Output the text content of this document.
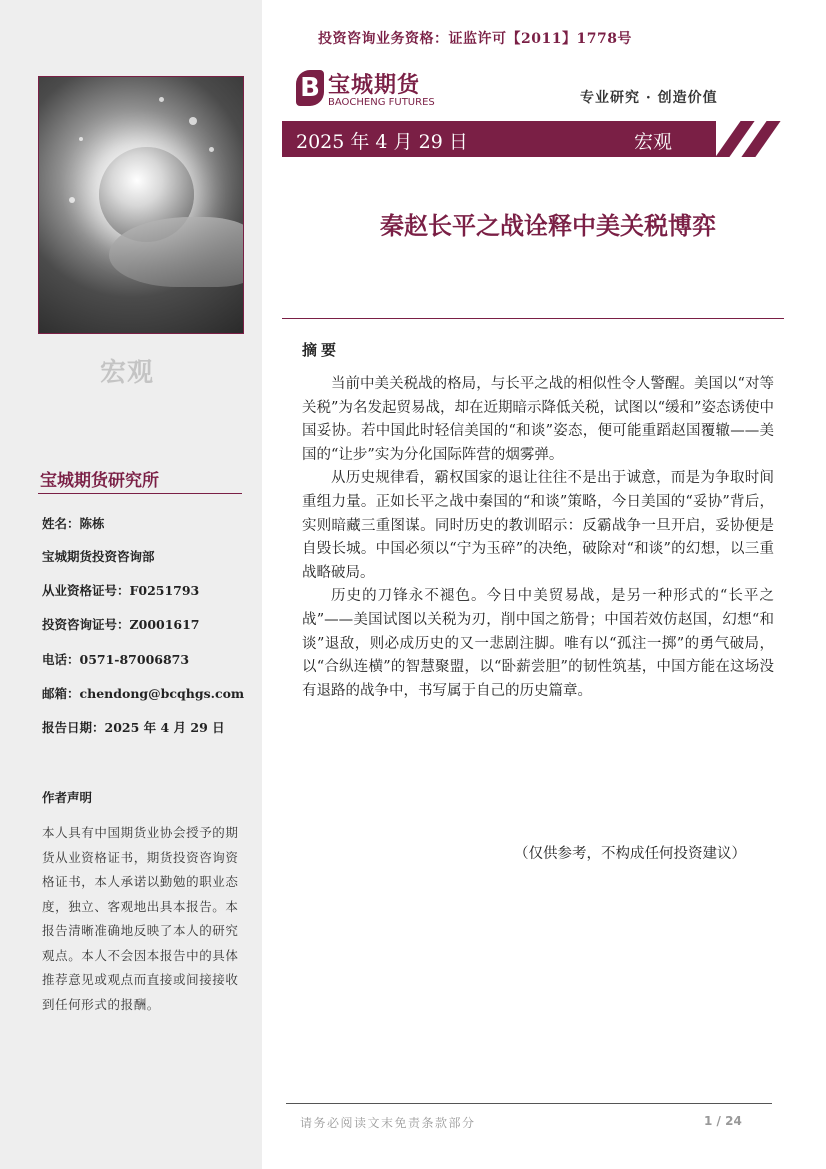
宏观
宝城期货研究所
姓名：陈栋
宝城期货投资咨询部
从业资格证号：F0251793
投资咨询证号：Z0001617
电话：0571-87006873
邮箱：chendong@bcqhgs.com
报告日期：2025 年 4 月 29 日
作者声明
本人具有中国期货业协会授予的期货从业资格证书，期货投资咨询资格证书，本人承诺以勤勉的职业态度，独立、客观地出具本报告。本报告清晰准确地反映了本人的研究观点。本人不会因本报告中的具体推荐意见或观点而直接或间接接收到任何形式的报酬。
投资咨询业务资格：证监许可【2011】1778号
B 宝城期货
BAOCHENG FUTURES	专业研究 · 创造价值
2025 年 4 月 29 日	宏观
秦赵长平之战诠释中美关税博弈
摘要

当前中美关税战的格局，与长平之战的相似性令人警醒。美国以“对等关税”为名发起贸易战，却在近期暗示降低关税，试图以“缓和”姿态诱使中国妥协。若中国此时轻信美国的“和谈”姿态，便可能重蹈赵国覆辙——美国的“让步”实为分化国际阵营的烟雾弹。

从历史规律看，霸权国家的退让往往不是出于诚意，而是为争取时间重组力量。正如长平之战中秦国的“和谈”策略，今日美国的“妥协”背后，实则暗藏三重图谋。同时历史的教训昭示：反霸战争一旦开启，妥协便是自毁长城。中国必须以“宁为玉碎”的决绝，破除对“和谈”的幻想，以三重战略破局。

历史的刀锋永不褪色。今日中美贸易战，是另一种形式的“长平之战”——美国试图以关税为刃，削中国之筋骨；中国若效仿赵国，幻想“和谈”退敌，则必成历史的又一悲剧注脚。唯有以“孤注一掷”的勇气破局，以“合纵连横”的智慧聚盟，以“卧薪尝胆”的韧性筑基，中国方能在这场没有退路的战争中，书写属于自己的历史篇章。

（仅供参考，不构成任何投资建议）
请务必阅读文末免责条款部分	1 / 24
